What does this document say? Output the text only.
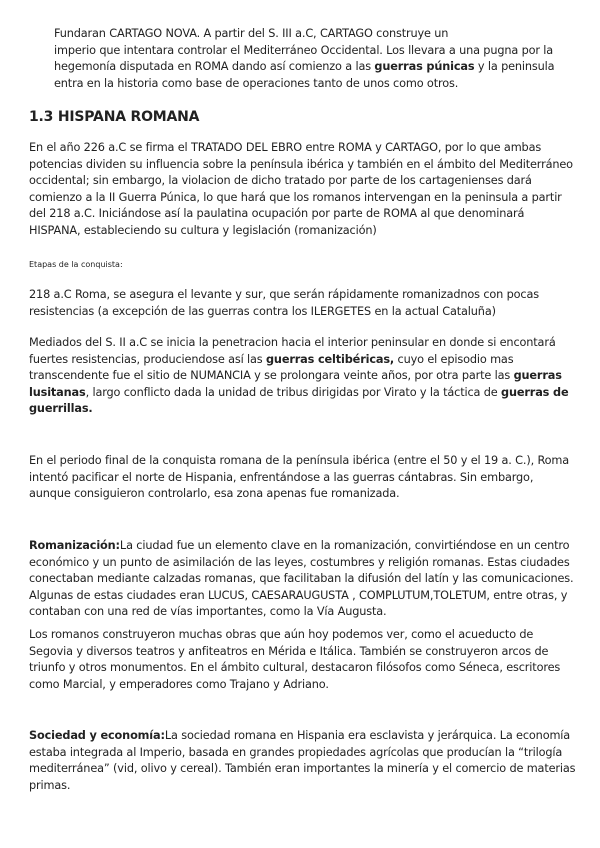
Fundaran CARTAGO NOVA. A partir del S. III a.C, CARTAGO construye un

imperio que intentara controlar el Mediterráneo Occidental. Los llevara a una pugna por la

hegemonía disputada en ROMA dando así comienzo a las guerras púnicas y la peninsula

entra en la historia como base de operaciones tanto de unos como otros.

1.3 HISPANA ROMANA

En el año 226 a.C se firma el TRATADO DEL EBRO entre ROMA y CARTAGO, por lo que ambas

potencias dividen su influencia sobre la península ibérica y también en el ámbito del Mediterráneo

occidental; sin embargo, la violacion de dicho tratado por parte de los cartagenienses dará

comienzo a la II Guerra Púnica, lo que hará que los romanos intervengan en la peninsula a partir

del 218 a.C. Iniciándose así la paulatina ocupación por parte de ROMA al que denominará

HISPANA, estableciendo su cultura y legislación (romanización)

Etapas de la conquista:

218 a.C Roma, se asegura el levante y sur, que serán rápidamente romanizadnos con pocas

resistencias (a excepción de las guerras contra los ILERGETES en la actual Cataluña)

Mediados del S. II a.C se inicia la penetracion hacia el interior peninsular en donde si encontará

fuertes resistencias, produciendose así las guerras celtibéricas, cuyo el episodio mas

transcendente fue el sitio de NUMANCIA y se prolongara veinte años, por otra parte las guerras

lusitanas, largo conflicto dada la unidad de tribus dirigidas por Virato y la táctica de guerras de

guerrillas.

En el periodo final de la conquista romana de la península ibérica (entre el 50 y el 19 a. C.), Roma

intentó pacificar el norte de Hispania, enfrentándose a las guerras cántabras. Sin embargo,

aunque consiguieron controlarlo, esa zona apenas fue romanizada.

Romanización:La ciudad fue un elemento clave en la romanización, convirtiéndose en un centro

económico y un punto de asimilación de las leyes, costumbres y religión romanas. Estas ciudades

conectaban mediante calzadas romanas, que facilitaban la difusión del latín y las comunicaciones.

Algunas de estas ciudades eran LUCUS, CAESARAUGUSTA , COMPLUTUM,TOLETUM, entre otras, y

contaban con una red de vías importantes, como la Vía Augusta.

Los romanos construyeron muchas obras que aún hoy podemos ver, como el acueducto de

Segovia y diversos teatros y anfiteatros en Mérida e Itálica. También se construyeron arcos de

triunfo y otros monumentos. En el ámbito cultural, destacaron filósofos como Séneca, escritores

como Marcial, y emperadores como Trajano y Adriano.

Sociedad y economía:La sociedad romana en Hispania era esclavista y jerárquica. La economía

estaba integrada al Imperio, basada en grandes propiedades agrícolas que producían la “trilogía

mediterránea” (vid, olivo y cereal). También eran importantes la minería y el comercio de materias

primas.
